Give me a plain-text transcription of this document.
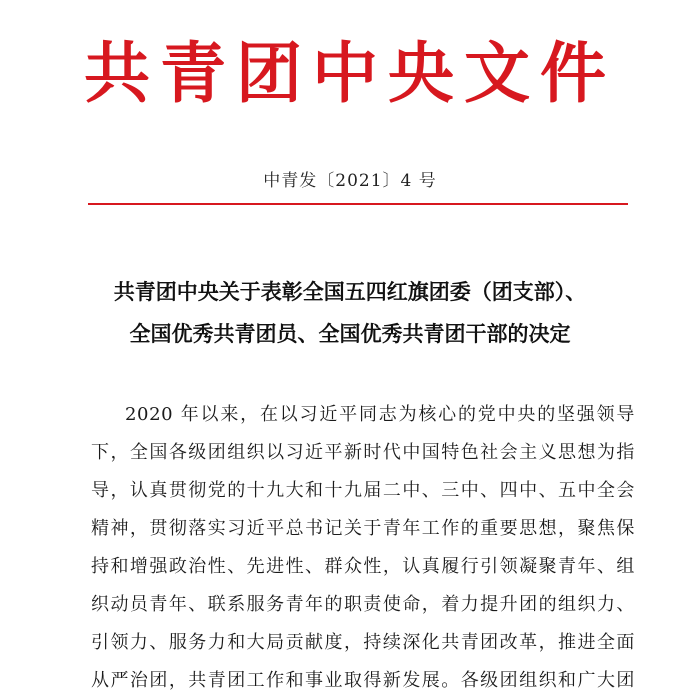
共青团中央文件
中青发〔2021〕4 号
共青团中央关于表彰全国五四红旗团委（团支部）、
全国优秀共青团员、全国优秀共青团干部的决定
2020 年以来，在以习近平同志为核心的党中央的坚强领导
下，全国各级团组织以习近平新时代中国特色社会主义思想为指
导，认真贯彻党的十九大和十九届二中、三中、四中、五中全会
精神，贯彻落实习近平总书记关于青年工作的重要思想，聚焦保
持和增强政治性、先进性、群众性，认真履行引领凝聚青年、组
织动员青年、联系服务青年的职责使命，着力提升团的组织力、
引领力、服务力和大局贡献度，持续深化共青团改革，推进全面
从严治团，共青团工作和事业取得新发展。各级团组织和广大团
